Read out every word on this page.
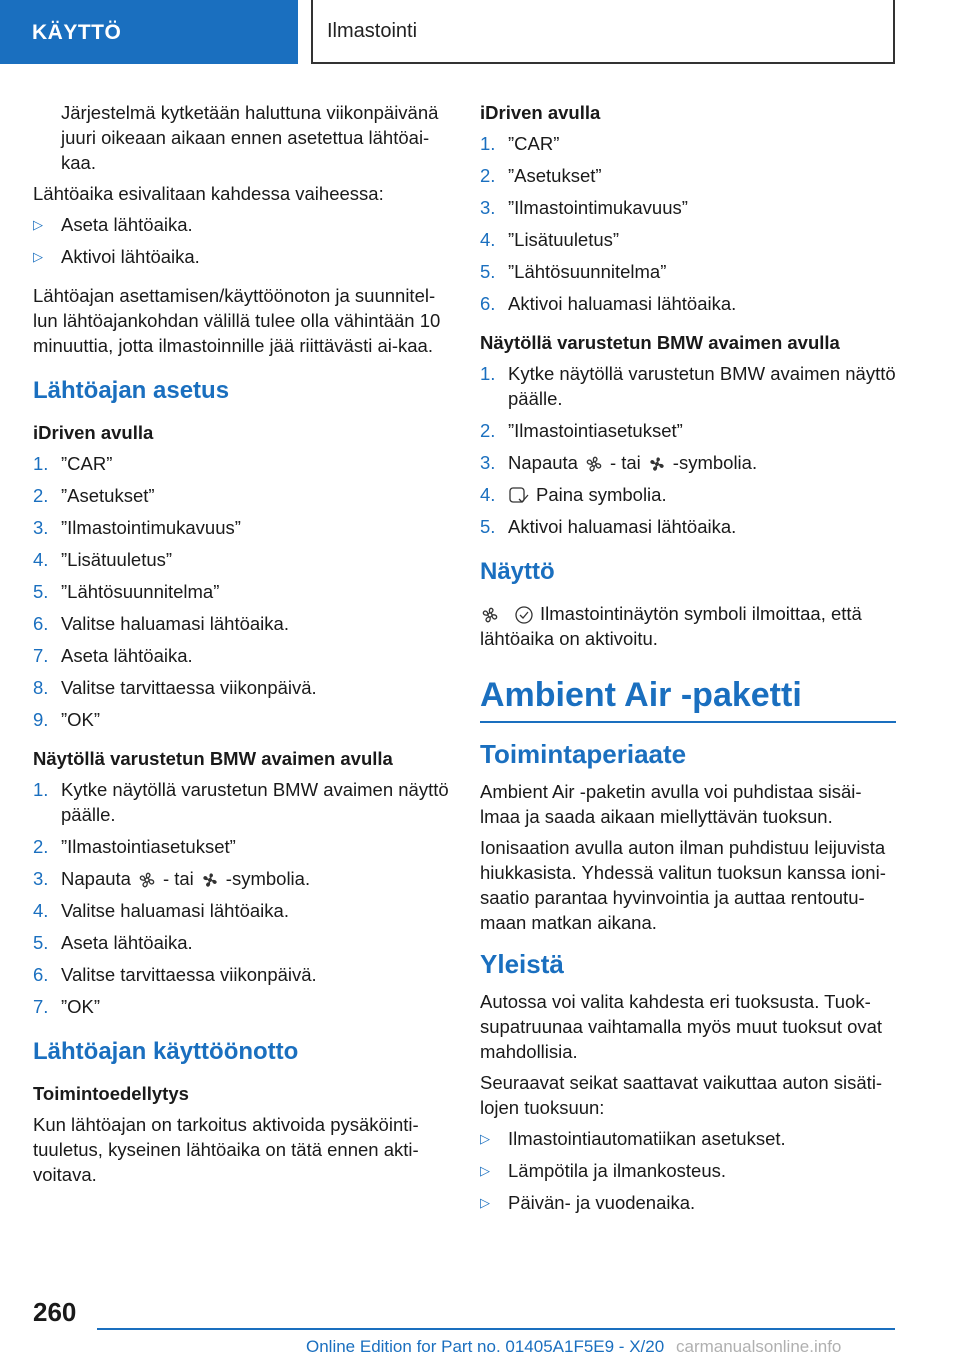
KÄYTTÖ	Ilmastointi

Järjestelmä kytketään haluttuna viikonpäivänä juuri oikeaan aikaan ennen asetettua lähtöai-kaa.

Lähtöaika esivalitaan kahdessa vaiheessa:

▷ Aseta lähtöaika.
▷ Aktivoi lähtöaika.

Lähtöajan asettamisen/käyttöönoton ja suunnitel-lun lähtöajankohdan välillä tulee olla vähintään 10 minuuttia, jotta ilmastoinnille jää riittävästi ai-kaa.

Lähtöajan asetus
iDriven avulla
1. ”CAR”
2. ”Asetukset”
3. ”Ilmastointimukavuus”
4. ”Lisätuuletus”
5. ”Lähtösuunnitelma”
6. Valitse haluamasi lähtöaika.
7. Aseta lähtöaika.
8. Valitse tarvittaessa viikonpäivä.
9. ”OK”
Näytöllä varustetun BMW avaimen avulla
1. Kytke näytöllä varustetun BMW avaimen näyttö päälle.
2. ”Ilmastointiasetukset”
3. Napauta - tai -symbolia.
4. Valitse haluamasi lähtöaika.
5. Aseta lähtöaika.
6. Valitse tarvittaessa viikonpäivä.
7. ”OK”
Lähtöajan käyttöönotto
Toimintoedellytys

Kun lähtöajan on tarkoitus aktivoida pysäköinti-tuuletus, kyseinen lähtöaika on tätä ennen akti-voitava.

iDriven avulla
1. ”CAR”
2. ”Asetukset”
3. ”Ilmastointimukavuus”
4. ”Lisätuuletus”
5. ”Lähtösuunnitelma”
6. Aktivoi haluamasi lähtöaika.
Näytöllä varustetun BMW avaimen avulla
1. Kytke näytöllä varustetun BMW avaimen näyttö päälle.
2. ”Ilmastointiasetukset”
3. Napauta - tai -symbolia.
4. Paina symbolia.
5. Aktivoi haluamasi lähtöaika.
Näyttö

Ilmastointinäytön symboli ilmoittaa, että lähtöaika on aktivoitu.

Ambient Air -paketti
Toimintaperiaate

Ambient Air -paketin avulla voi puhdistaa sisäi-lmaa ja saada aikaan miellyttävän tuoksun.

Ionisaation avulla auton ilman puhdistuu leijuvista hiukkasista. Yhdessä valitun tuoksun kanssa ioni-saatio parantaa hyvinvointia ja auttaa rentoutu-maan matkan aikana.

Yleistä

Autossa voi valita kahdesta eri tuoksusta. Tuok-supatruunaa vaihtamalla myös muut tuoksut ovat mahdollisia.

Seuraavat seikat saattavat vaikuttaa auton sisäti-lojen tuoksuun:

▷ Ilmastointiautomatiikan asetukset.
▷ Lämpötila ja ilmankosteus.
▷ Päivän- ja vuodenaika.
260
Online Edition for Part no. 01405A1F5E9 - X/20 carmanualsonline.info
